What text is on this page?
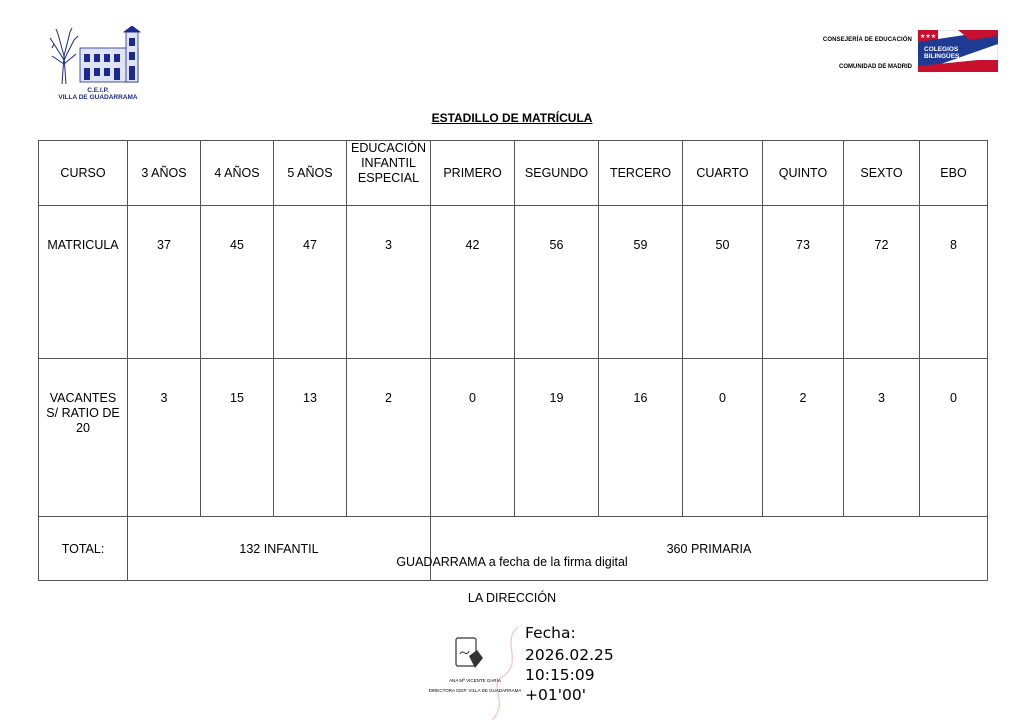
C.E.I.P.
VILLA DE GUADARRAMA
CONSEJERÍA DE EDUCACIÓN
COMUNIDAD DE MADRID
★★★
COLEGIOS
BILINGÜES
ESTADILLO DE MATRÍCULA
CURSO	3 AÑOS	4 AÑOS	5 AÑOS	EDUCACIÓN
INFANTIL
ESPECIAL	PRIMERO	SEGUNDO	TERCERO	CUARTO	QUINTO	SEXTO	EBO
MATRICULA	37	45	47	3	42	56	59	50	73	72	8

VACANTES
S/ RATIO DE
20	3	15	13	2	0	19	16	0	2	3	0
TOTAL:	132 INFANTIL				360 PRIMARIA						
GUADARRAMA a fecha de la firma digital
LA DIRECCIÓN
ANA Mª VICENTE GARÍA
DIRECTORA CEIP. VILLA DE GUADARRAMA
Fecha:
2026.02.25
10:15:09
+01'00'
